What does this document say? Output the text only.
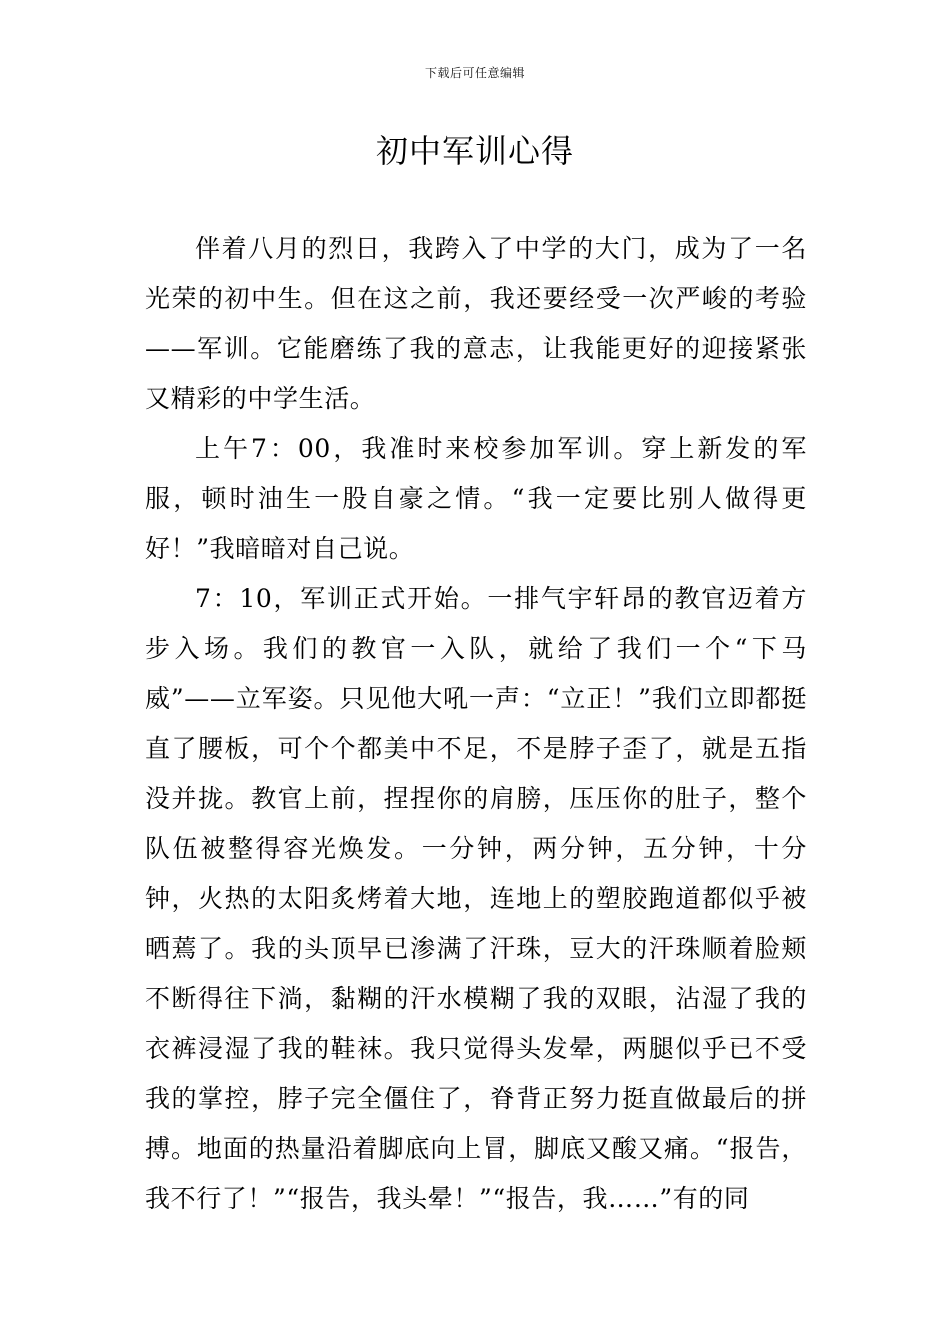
下载后可任意编辑
初中军训心得

伴着八月的烈日，我跨入了中学的大门，成为了一名光荣的初中生。但在这之前，我还要经受一次严峻的考验——军训。它能磨练了我的意志，让我能更好的迎接紧张又精彩的中学生活。

上午7：00，我准时来校参加军训。穿上新发的军服，顿时油生一股自豪之情。“我一定要比别人做得更好！”我暗暗对自己说。

7：10，军训正式开始。一排气宇轩昂的教官迈着方步入场。我们的教官一入队，就给了我们一个“下马威”——立军姿。只见他大吼一声：“立正！”我们立即都挺直了腰板，可个个都美中不足，不是脖子歪了，就是五指没并拢。教官上前，捏捏你的肩膀，压压你的肚子，整个队伍被整得容光焕发。一分钟，两分钟，五分钟，十分钟，火热的太阳炙烤着大地，连地上的塑胶跑道都似乎被晒蔫了。我的头顶早已渗满了汗珠，豆大的汗珠顺着脸颊不断得往下淌，黏糊的汗水模糊了我的双眼，沾湿了我的衣裤浸湿了我的鞋袜。我只觉得头发晕，两腿似乎已不受我的掌控，脖子完全僵住了，脊背正努力挺直做最后的拼搏。地面的热量沿着脚底向上冒，脚底又酸又痛。“报告，我不行了！”“报告，我头晕！”“报告，我……”有的同
